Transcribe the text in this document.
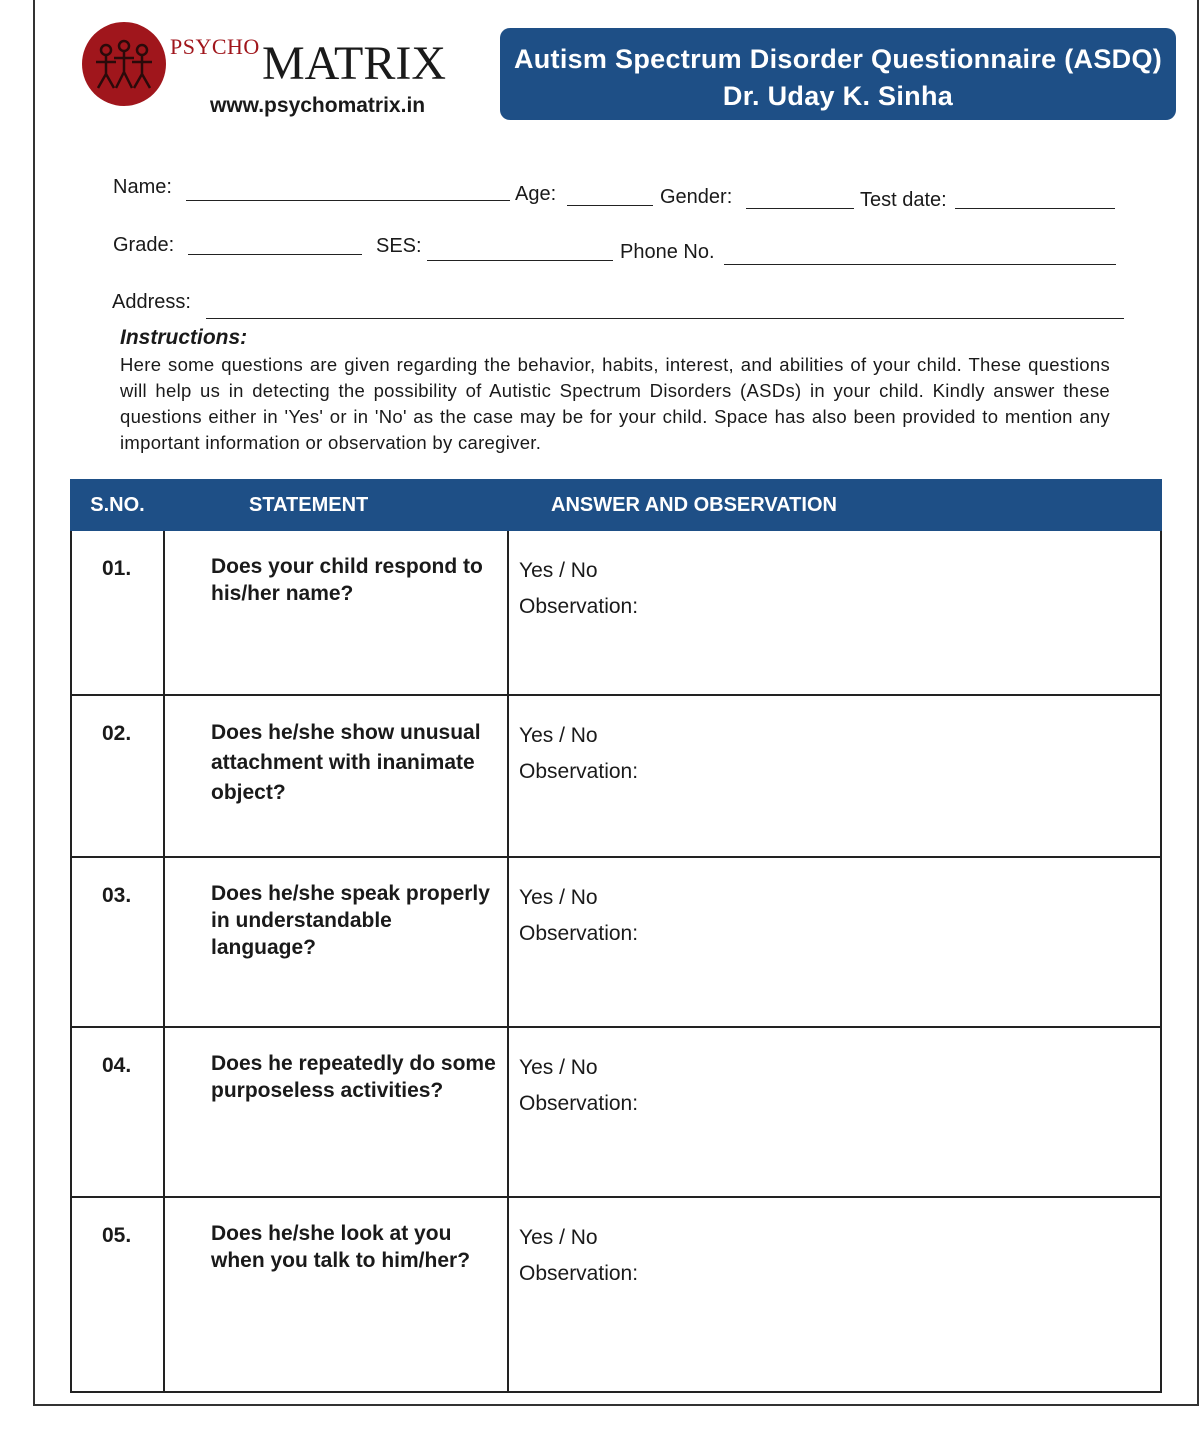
PSYCHO MATRIX
www.psychomatrix.in
Autism Spectrum Disorder Questionnaire (ASDQ)
Dr. Uday K. Sinha
Name:	Age:	Gender:	Test date:
Grade:	SES:	Phone No.
Address:
Instructions:
Here some questions are given regarding the behavior, habits, interest, and abilities of your child. These questions will help us in detecting the possibility of Autistic Spectrum Disorders (ASDs) in your child. Kindly answer these questions either in 'Yes' or in 'No' as the case may be for your child. Space has also been provided to mention any important information or observation by caregiver.
S.NO.	STATEMENT	ANSWER AND OBSERVATION
01.	Does your child respond to his/her name?	Yes / No
Observation:

02.	Does he/she show unusual attachment with inanimate object?	Yes / No
Observation:

03.	Does he/she speak properly in understandable language?	Yes / No
Observation:

04.	Does he repeatedly do some purposeless activities?	Yes / No
Observation:

05.	Does he/she look at you when you talk to him/her?	Yes / No
Observation:
